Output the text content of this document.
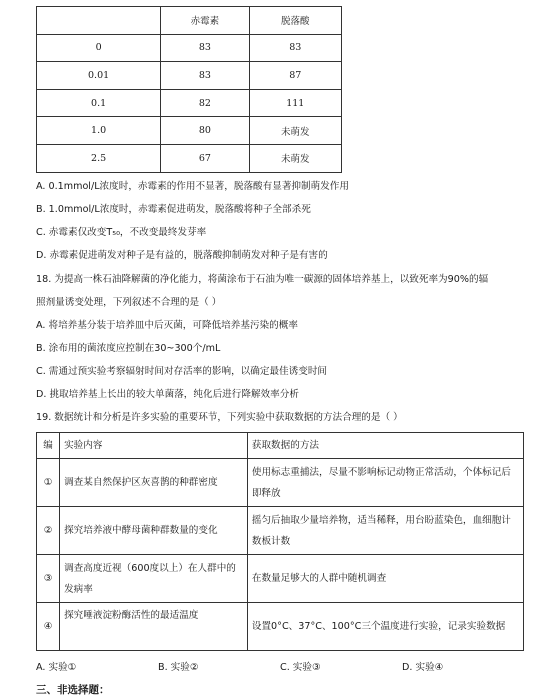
	赤霉素	脱落酸
0	83	83
0.01	83	87
0.1	82	111
1.0	80	未萌发
2.5	67	未萌发
A. 0.1mmol/L浓度时，赤霉素的作用不显著，脱落酸有显著抑制萌发作用
B. 1.0mmol/L浓度时，赤霉素促进萌发，脱落酸将种子全部杀死
C. 赤霉素仅改变T₅₀，不改变最终发芽率
D. 赤霉素促进萌发对种子是有益的，脱落酸抑制萌发对种子是有害的
18. 为提高一株石油降解菌的净化能力，将菌涂布于石油为唯一碳源的固体培养基上，以致死率为90%的辐
照剂量诱变处理，下列叙述不合理的是（ ）
A. 将培养基分装于培养皿中后灭菌，可降低培养基污染的概率
B. 涂布用的菌浓度应控制在30~300个/mL
C. 需通过预实验考察辐射时间对存活率的影响，以确定最佳诱变时间
D. 挑取培养基上长出的较大单菌落，纯化后进行降解效率分析
19. 数据统计和分析是许多实验的重要环节，下列实验中获取数据的方法合理的是（ ）
编	实验内容	获取数据的方法
①	调查某自然保护区灰喜鹊的种群密度	使用标志重捕法，尽量不影响标记动物正常活动，个体标记后即释放
②	探究培养液中酵母菌种群数量的变化	摇匀后抽取少量培养物，适当稀释，用台盼蓝染色，血细胞计数板计数
③	调查高度近视（600度以上）在人群中的发病率	在数量足够大的人群中随机调查
④	探究唾液淀粉酶活性的最适温度	设置0°C、37°C、100°C三个温度进行实验，记录实验数据
A. 实验①	B. 实验②	C. 实验③	D. 实验④
三、非选择题：
